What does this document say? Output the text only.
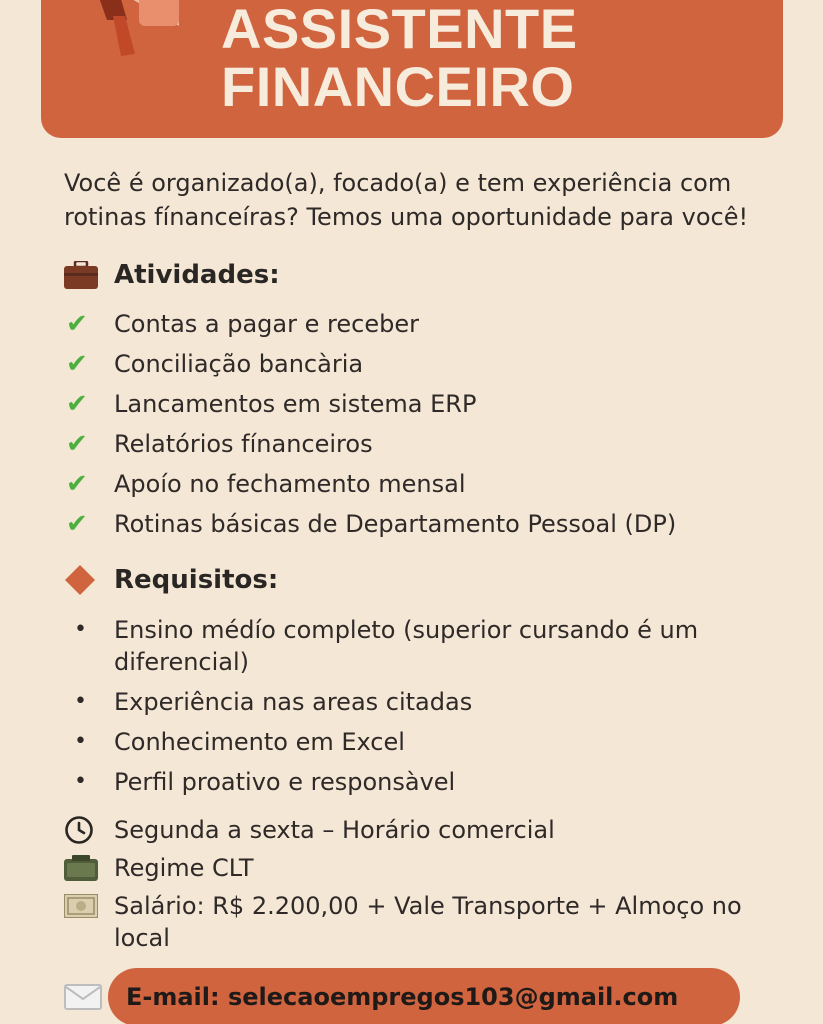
ASSISTENTE
FINANCEIRO

Você é organizado(a), focado(a) e tem experiência com rotinas fínanceíras? Temos uma oportunidade para você!

Atividades:
✔	Contas a pagar e receber
✔	Conciliação bancària
✔	Lancamentos em sistema ERP
✔	Relatórios fínanceiros
✔	Apoío no fechamento mensal
✔	Rotinas básicas de Departamento Pessoal (DP)
Requisitos:
•	Ensino médío completo (superior cursando é um diferencial)
•	Experiência nas areas citadas
•	Conhecimento em Excel
•	Perfil proativo e responsàvel
Segunda a sexta – Horário comercial
Regime CLT
Salário: R$ 2.200,00 + Vale Transporte + Almoço no local
E-mail: selecaoempregos103@gmail.com
